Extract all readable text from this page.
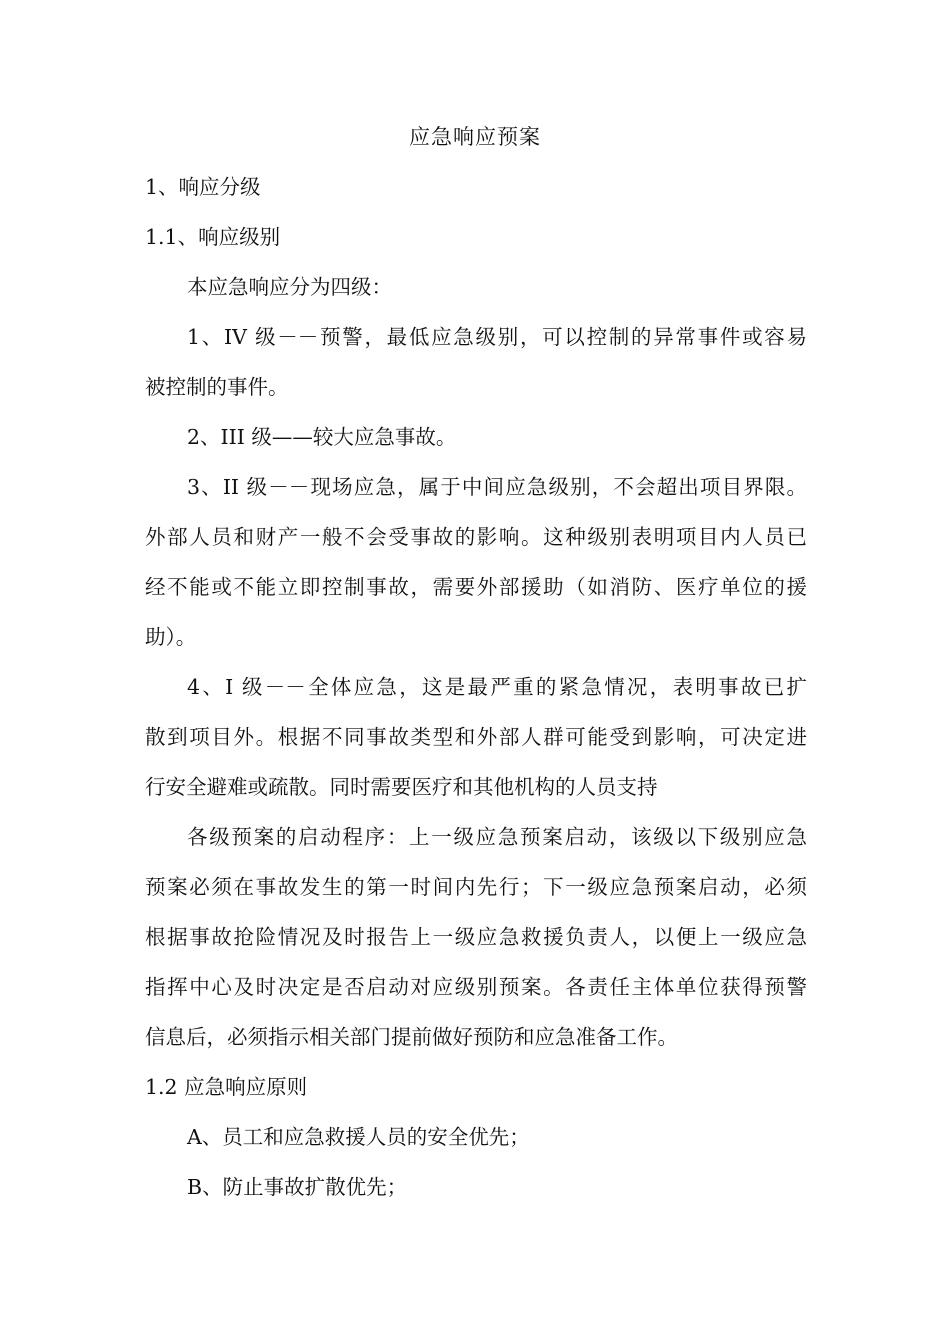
应急响应预案
1、响应分级
1.1、响应级别
本应急响应分为四级：
1、IV 级－－预警，最低应急级别，可以控制的异常事件或容易
被控制的事件。
2、III 级——较大应急事故。
3、II 级－－现场应急，属于中间应急级别，不会超出项目界限。
外部人员和财产一般不会受事故的影响。这种级别表明项目内人员已
经不能或不能立即控制事故，需要外部援助（如消防、医疗单位的援
助）。
4、I 级－－全体应急，这是最严重的紧急情况，表明事故已扩
散到项目外。根据不同事故类型和外部人群可能受到影响，可决定进
行安全避难或疏散。同时需要医疗和其他机构的人员支持
各级预案的启动程序：上一级应急预案启动，该级以下级别应急
预案必须在事故发生的第一时间内先行；下一级应急预案启动，必须
根据事故抢险情况及时报告上一级应急救援负责人，以便上一级应急
指挥中心及时决定是否启动对应级别预案。各责任主体单位获得预警
信息后，必须指示相关部门提前做好预防和应急准备工作。
1.2 应急响应原则
A、员工和应急救援人员的安全优先；
B、防止事故扩散优先；
